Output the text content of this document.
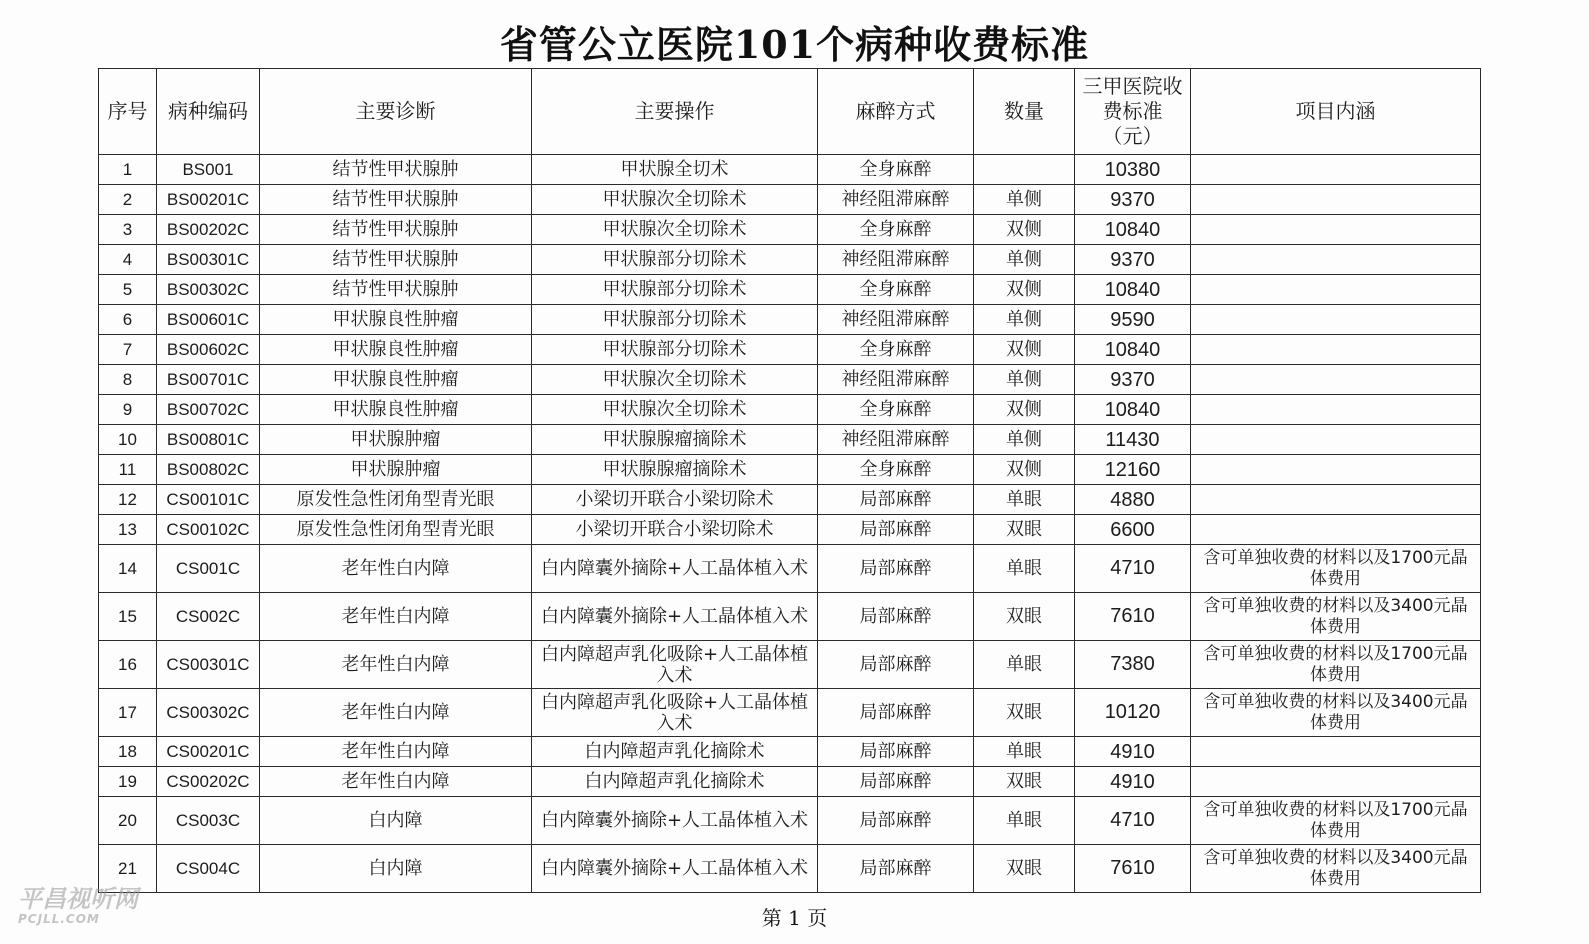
省管公立医院101个病种收费标准
序号	病种编码	主要诊断	主要操作	麻醉方式	数量	三甲医院收费标准（元）	项目内涵
1	BS001	结节性甲状腺肿	甲状腺全切术	全身麻醉		10380	
2	BS00201C	结节性甲状腺肿	甲状腺次全切除术	神经阻滞麻醉	单侧	9370	
3	BS00202C	结节性甲状腺肿	甲状腺次全切除术	全身麻醉	双侧	10840	
4	BS00301C	结节性甲状腺肿	甲状腺部分切除术	神经阻滞麻醉	单侧	9370	
5	BS00302C	结节性甲状腺肿	甲状腺部分切除术	全身麻醉	双侧	10840	
6	BS00601C	甲状腺良性肿瘤	甲状腺部分切除术	神经阻滞麻醉	单侧	9590	
7	BS00602C	甲状腺良性肿瘤	甲状腺部分切除术	全身麻醉	双侧	10840	
8	BS00701C	甲状腺良性肿瘤	甲状腺次全切除术	神经阻滞麻醉	单侧	9370	
9	BS00702C	甲状腺良性肿瘤	甲状腺次全切除术	全身麻醉	双侧	10840	
10	BS00801C	甲状腺肿瘤	甲状腺腺瘤摘除术	神经阻滞麻醉	单侧	11430	
11	BS00802C	甲状腺肿瘤	甲状腺腺瘤摘除术	全身麻醉	双侧	12160	
12	CS00101C	原发性急性闭角型青光眼	小梁切开联合小梁切除术	局部麻醉	单眼	4880	
13	CS00102C	原发性急性闭角型青光眼	小梁切开联合小梁切除术	局部麻醉	双眼	6600	
14	CS001C	老年性白内障	白内障囊外摘除+人工晶体植入术	局部麻醉	单眼	4710	含可单独收费的材料以及1700元晶体费用
15	CS002C	老年性白内障	白内障囊外摘除+人工晶体植入术	局部麻醉	双眼	7610	含可单独收费的材料以及3400元晶体费用
16	CS00301C	老年性白内障	白内障超声乳化吸除+人工晶体植入术	局部麻醉	单眼	7380	含可单独收费的材料以及1700元晶体费用
17	CS00302C	老年性白内障	白内障超声乳化吸除+人工晶体植入术	局部麻醉	双眼	10120	含可单独收费的材料以及3400元晶体费用
18	CS00201C	老年性白内障	白内障超声乳化摘除术	局部麻醉	单眼	4910	
19	CS00202C	老年性白内障	白内障超声乳化摘除术	局部麻醉	双眼	4910	
20	CS003C	白内障	白内障囊外摘除+人工晶体植入术	局部麻醉	单眼	4710	含可单独收费的材料以及1700元晶体费用
21	CS004C	白内障	白内障囊外摘除+人工晶体植入术	局部麻醉	双眼	7610	含可单独收费的材料以及3400元晶体费用
第 1 页
平昌视听网
PCJLL.COM
